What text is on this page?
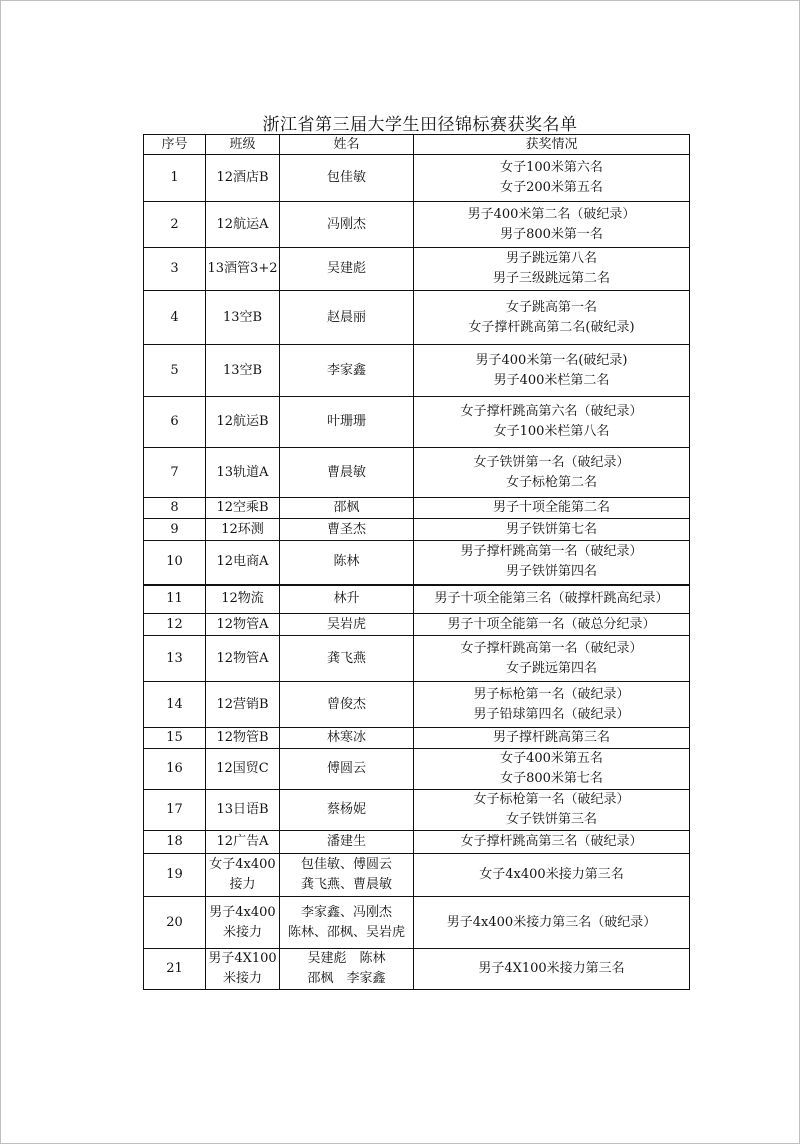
浙江省第三届大学生田径锦标赛获奖名单
序号	班级	姓名	获奖情况
1	12酒店B	包佳敏	女子100米第六名
女子200米第五名

2	12航运A	冯刚杰	男子400米第二名（破纪录）
男子800米第一名

3	13酒管3+2	吴建彪	男子跳远第八名
男子三级跳远第二名

4	13空B	赵晨丽	女子跳高第一名
女子撑杆跳高第二名(破纪录)

5	13空B	李家鑫	男子400米第一名(破纪录)
男子400米栏第二名

6	12航运B	叶珊珊	女子撑杆跳高第六名（破纪录）
女子100米栏第八名

7	13轨道A	曹晨敏	女子铁饼第一名（破纪录）
女子标枪第二名

8	12空乘B	邵枫	男子十项全能第二名

9	12环测	曹圣杰	男子铁饼第七名

10	12电商A	陈林	男子撑杆跳高第一名（破纪录）
男子铁饼第四名

11	12物流	林升	男子十项全能第三名（破撑杆跳高纪录）

12	12物管A	吴岩虎	男子十项全能第一名（破总分纪录）

13	12物管A	龚飞燕	女子撑杆跳高第一名（破纪录）
女子跳远第四名

14	12营销B	曾俊杰	男子标枪第一名（破纪录）
男子铅球第四名（破纪录）

15	12物管B	林寒冰	男子撑杆跳高第三名

16	12国贸C	傅圆云	女子400米第五名
女子800米第七名

17	13日语B	蔡杨妮	女子标枪第一名（破纪录）
女子铁饼第三名

18	12广告A	潘建生	女子撑杆跳高第三名（破纪录）

19	女子4x400
接力	包佳敏、傅圆云
龚飞燕、曹晨敏	女子4x400米接力第三名

20	男子4x400
米接力	李家鑫、冯刚杰
陈林、邵枫、吴岩虎	男子4x400米接力第三名（破纪录）

21	男子4X100
米接力	吴建彪　陈林
邵枫　李家鑫	男子4X100米接力第三名
